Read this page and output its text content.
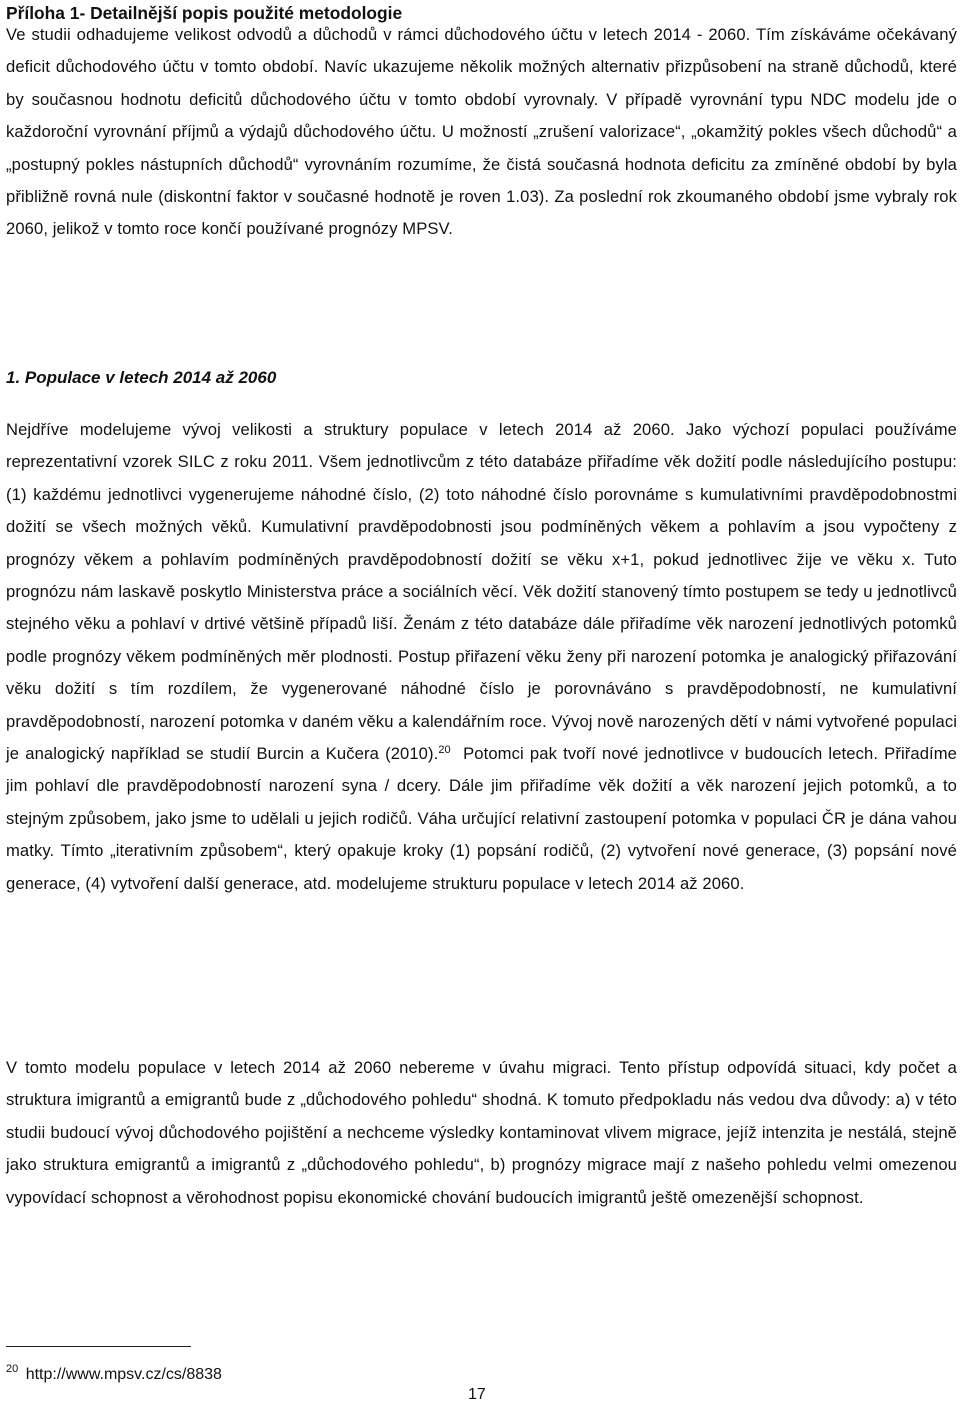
Příloha 1- Detailnější popis použité metodologie

Ve studii odhadujeme velikost odvodů a důchodů v rámci důchodového účtu v letech 2014 - 2060. Tím získáváme očekávaný deficit důchodového účtu v tomto období. Navíc ukazujeme několik možných alternativ přizpůsobení na straně důchodů, které by současnou hodnotu deficitů důchodového účtu v tomto období vyrovnaly. V případě vyrovnání typu NDC modelu jde o každoroční vyrovnání příjmů a výdajů důchodového účtu. U možností „zrušení valorizace“, „okamžitý pokles všech důchodů“ a „postupný pokles nástupních důchodů“ vyrovnáním rozumíme, že čistá současná hodnota deficitu za zmíněné období by byla přibližně rovná nule (diskontní faktor v současné hodnotě je roven 1.03). Za poslední rok zkoumaného období jsme vybraly rok 2060, jelikož v tomto roce končí používané prognózy MPSV.

1. Populace v letech 2014 až 2060

Nejdříve modelujeme vývoj velikosti a struktury populace v letech 2014 až 2060. Jako výchozí populaci používáme reprezentativní vzorek SILC z roku 2011. Všem jednotlivcům z této databáze přiřadíme věk dožití podle následujícího postupu: (1) každému jednotlivci vygenerujeme náhodné číslo, (2) toto náhodné číslo porovnáme s kumulativními pravděpodobnostmi dožití se všech možných věků. Kumulativní pravděpodobnosti jsou podmíněných věkem a pohlavím a jsou vypočteny z prognózy věkem a pohlavím podmíněných pravděpodobností dožití se věku x+1, pokud jednotlivec žije ve věku x. Tuto prognózu nám laskavě poskytlo Ministerstva práce a sociálních věcí. Věk dožití stanovený tímto postupem se tedy u jednotlivců stejného věku a pohlaví v drtivé většině případů liší. Ženám z této databáze dále přiřadíme věk narození jednotlivých potomků podle prognózy věkem podmíněných měr plodnosti. Postup přiřazení věku ženy při narození potomka je analogický přiřazování věku dožití s tím rozdílem, že vygenerované náhodné číslo je porovnáváno s pravděpodobností, ne kumulativní pravděpodobností, narození potomka v daném věku a kalendářním roce. Vývoj nově narozených dětí v námi vytvořené populaci je analogický například se studií Burcin a Kučera (2010).$^{20}$ Potomci pak tvoří nové jednotlivce v budoucích letech. Přiřadíme jim pohlaví dle pravděpodobností narození syna / dcery. Dále jim přiřadíme věk dožití a věk narození jejich potomků, a to stejným způsobem, jako jsme to udělali u jejich rodičů. Váha určující relativní zastoupení potomka v populaci ČR je dána vahou matky. Tímto „iterativním způsobem“, který opakuje kroky (1) popsání rodičů, (2) vytvoření nové generace, (3) popsání nové generace, (4) vytvoření další generace, atd. modelujeme strukturu populace v letech 2014 až 2060.

V tomto modelu populace v letech 2014 až 2060 nebereme v úvahu migraci. Tento přístup odpovídá situaci, kdy počet a struktura imigrantů a emigrantů bude z „důchodového pohledu“ shodná. K tomuto předpokladu nás vedou dva důvody: a) v této studii budoucí vývoj důchodového pojištění a nechceme výsledky kontaminovat vlivem migrace, jejíž intenzita je nestálá, stejně jako struktura emigrantů a imigrantů z „důchodového pohledu“, b) prognózy migrace mají z našeho pohledu velmi omezenou vypovídací schopnost a věrohodnost popisu ekonomické chování budoucích imigrantů ještě omezenější schopnost.

$^{20}$ http://www.mpsv.cz/cs/8838

17
